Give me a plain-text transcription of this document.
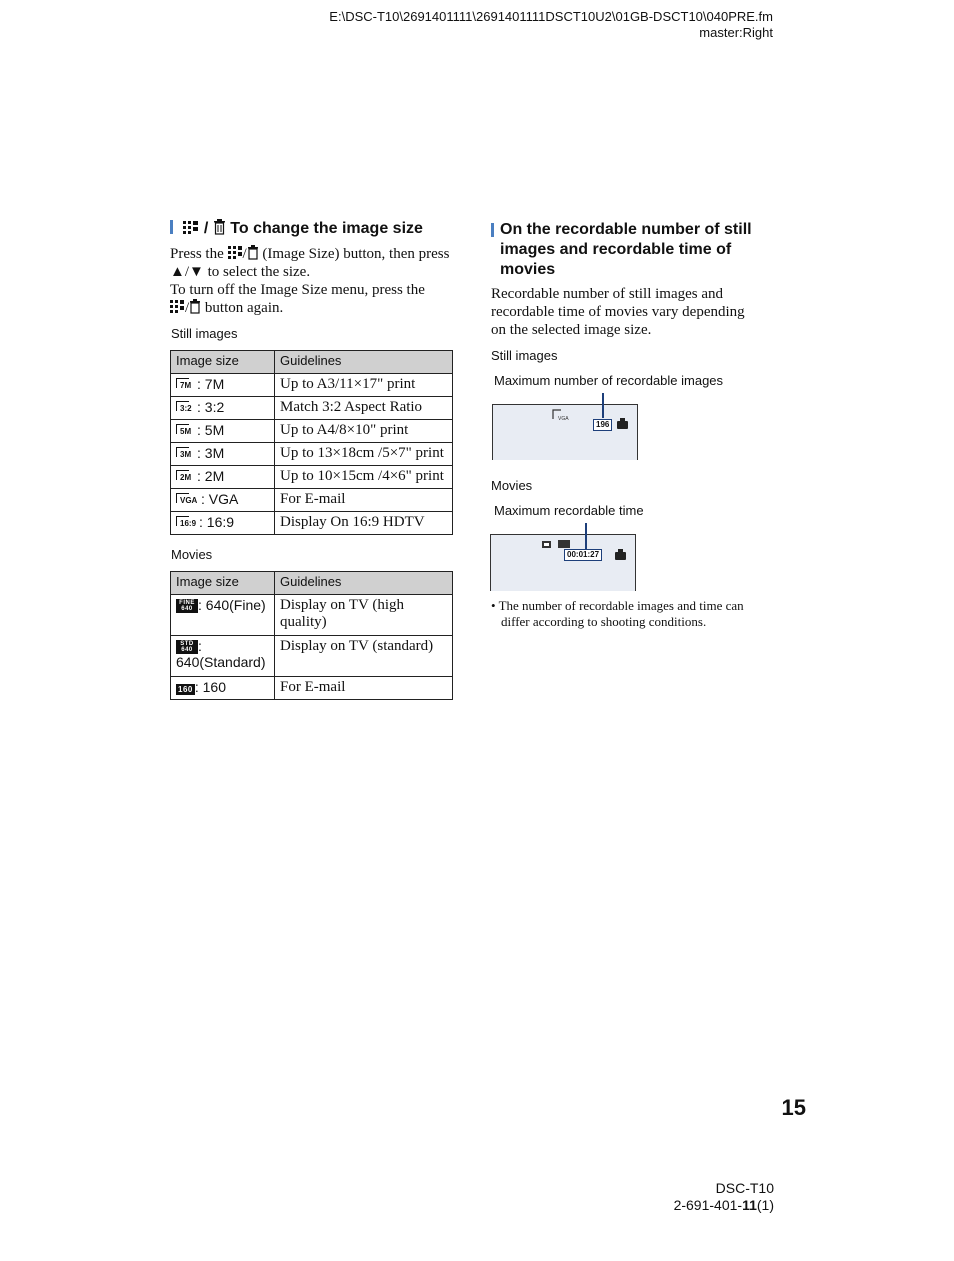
E:\DSC-T10\2691401111\2691401111DSCT10U2\01GB-DSCT10\040PRE.fm
master:Right
/ To change the image size
Press the / (Image Size) button, then press ▲/▼ to select the size.
To turn off the Image Size menu, press the
/ button again.
Still images
Image size	Guidelines

7M : 7M	Up to A3/11×17" print

3:2 : 3:2	Match 3:2 Aspect Ratio

5M : 5M	Up to A4/8×10" print

3M : 3M	Up to 13×18cm /5×7" print

2M : 2M	Up to 10×15cm /4×6" print

VGA : VGA	For E-mail

16:9 : 16:9	Display On 16:9 HDTV
Movies
Image size	Guidelines
FINE 640 : 640(Fine)	Display on TV (high quality)
STD 640 : 640(Standard)	Display on TV (standard)
160 : 160	For E-mail
On the recordable number of still
images and recordable time of
movies
Recordable number of still images and
recordable time of movies vary depending
on the selected image size.
Still images
Maximum number of recordable images
VGA
196
Movies
Maximum recordable time
00:01:27
• The number of recordable images and time can
differ according to shooting conditions.
15
DSC-T10
2-691-401-11(1)
